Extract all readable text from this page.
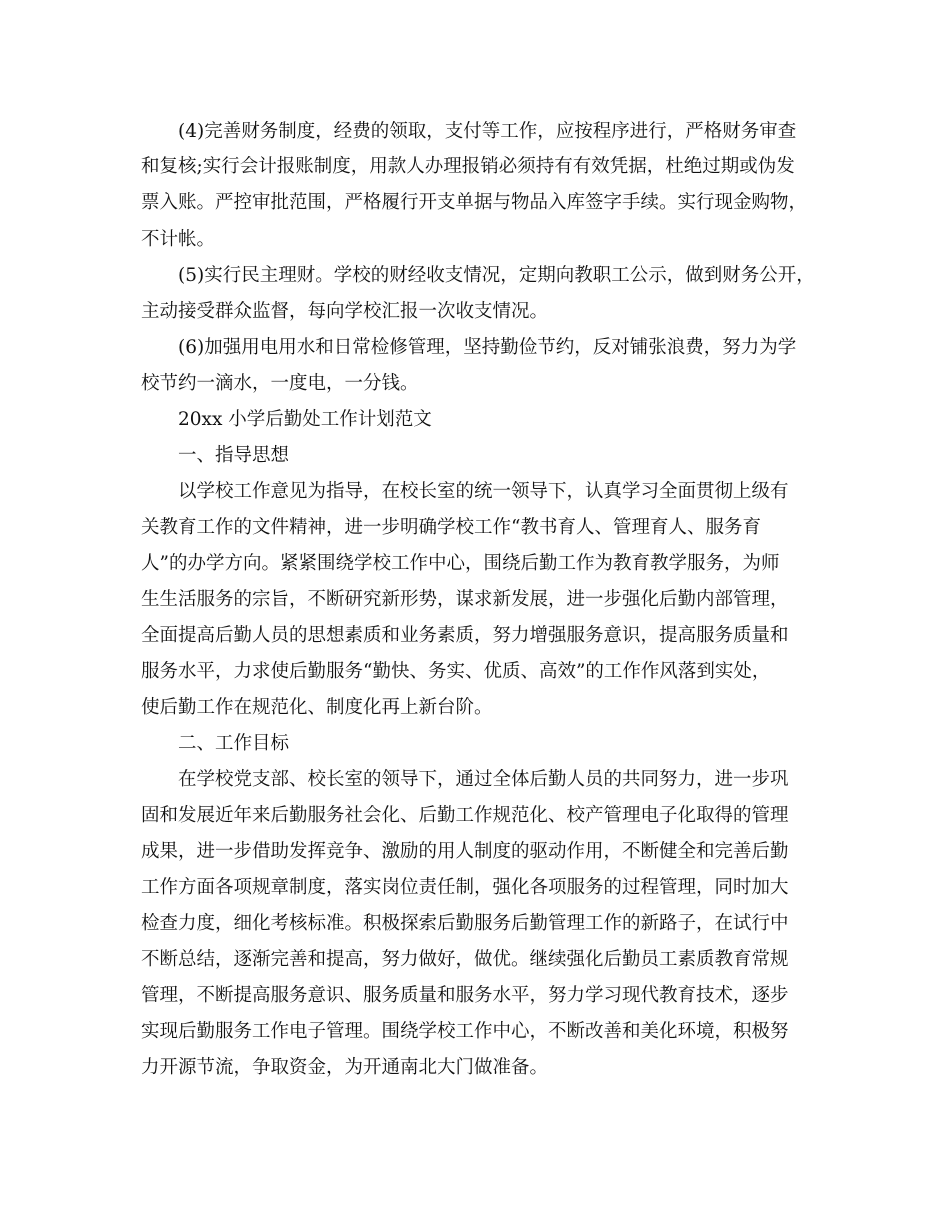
(4)完善财务制度，经费的领取，支付等工作，应按程序进行，严格财务审查
和复核;实行会计报账制度，用款人办理报销必须持有有效凭据，杜绝过期或伪发
票入账。严控审批范围，严格履行开支单据与物品入库签字手续。实行现金购物，
不计帐。
(5)实行民主理财。学校的财经收支情况，定期向教职工公示，做到财务公开，
主动接受群众监督，每向学校汇报一次收支情况。
(6)加强用电用水和日常检修管理，坚持勤俭节约，反对铺张浪费，努力为学
校节约一滴水，一度电，一分钱。
20xx 小学后勤处工作计划范文
一、指导思想
以学校工作意见为指导，在校长室的统一领导下，认真学习全面贯彻上级有
关教育工作的文件精神，进一步明确学校工作“教书育人、管理育人、服务育
人”的办学方向。紧紧围绕学校工作中心，围绕后勤工作为教育教学服务，为师
生生活服务的宗旨，不断研究新形势，谋求新发展，进一步强化后勤内部管理，
全面提高后勤人员的思想素质和业务素质，努力增强服务意识，提高服务质量和
服务水平，力求使后勤服务“勤快、务实、优质、高效”的工作作风落到实处，
使后勤工作在规范化、制度化再上新台阶。
二、工作目标
在学校党支部、校长室的领导下，通过全体后勤人员的共同努力，进一步巩
固和发展近年来后勤服务社会化、后勤工作规范化、校产管理电子化取得的管理
成果，进一步借助发挥竞争、激励的用人制度的驱动作用，不断健全和完善后勤
工作方面各项规章制度，落实岗位责任制，强化各项服务的过程管理，同时加大
检查力度，细化考核标准。积极探索后勤服务后勤管理工作的新路子，在试行中
不断总结，逐渐完善和提高，努力做好，做优。继续强化后勤员工素质教育常规
管理，不断提高服务意识、服务质量和服务水平，努力学习现代教育技术，逐步
实现后勤服务工作电子管理。围绕学校工作中心，不断改善和美化环境，积极努
力开源节流，争取资金，为开通南北大门做准备。
